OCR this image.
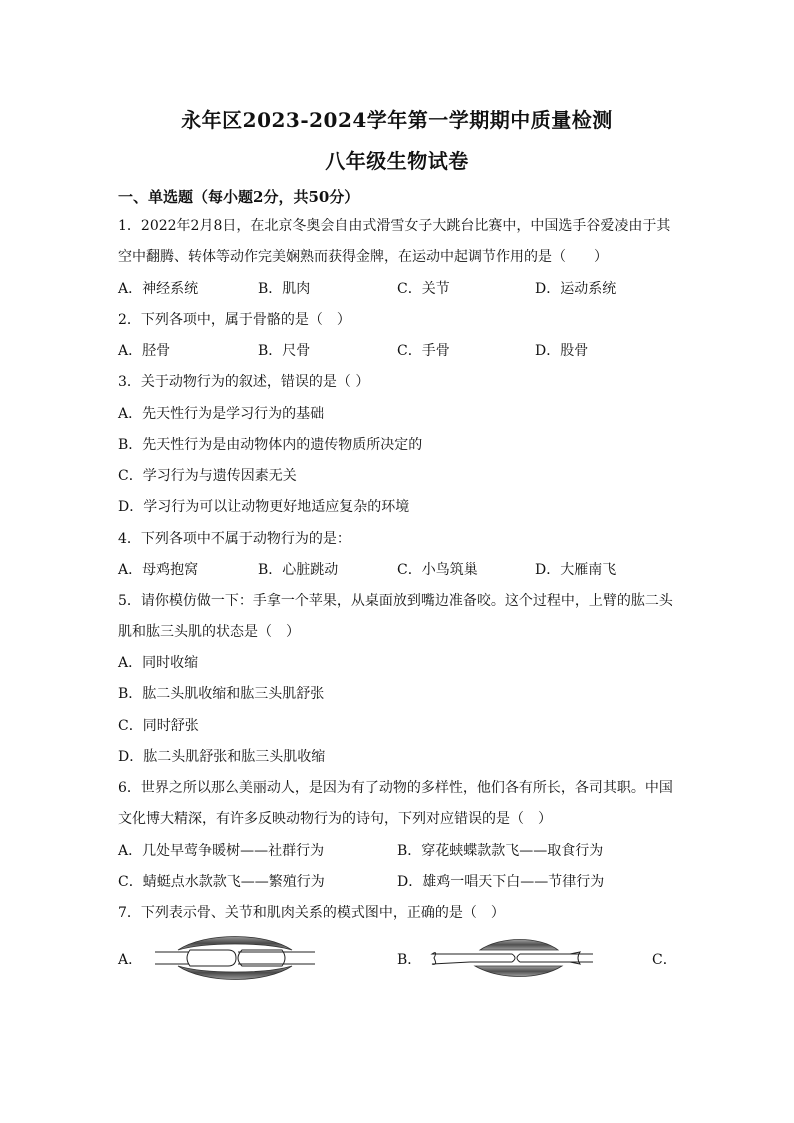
永年区2023-2024学年第一学期期中质量检测
八年级生物试卷
一、单选题（每小题2分，共50分）
1．2022年2月8日，在北京冬奥会自由式滑雪女子大跳台比赛中，中国选手谷爱凌由于其
空中翻腾、转体等动作完美娴熟而获得金牌，在运动中起调节作用的是（　　）
A．神经系统	B．肌肉	C．关节	D．运动系统
2．下列各项中，属于骨骼的是（　）
A．胫骨	B．尺骨	C．手骨	D．股骨
3．关于动物行为的叙述，错误的是（ ）
A．先天性行为是学习行为的基础
B．先天性行为是由动物体内的遗传物质所决定的
C．学习行为与遗传因素无关
D．学习行为可以让动物更好地适应复杂的环境
4．下列各项中不属于动物行为的是：
A．母鸡抱窝	B．心脏跳动	C．小鸟筑巢	D．大雁南飞
5．请你模仿做一下：手拿一个苹果，从桌面放到嘴边准备咬。这个过程中，上臂的肱二头
肌和肱三头肌的状态是（　）
A．同时收缩
B．肱二头肌收缩和肱三头肌舒张
C．同时舒张
D．肱二头肌舒张和肱三头肌收缩
6．世界之所以那么美丽动人，是因为有了动物的多样性，他们各有所长，各司其职。中国
文化博大精深，有许多反映动物行为的诗句，下列对应错误的是（　）
A．几处早莺争暖树——社群行为	B．穿花蛱蝶款款飞——取食行为
C．蜻蜓点水款款飞——繁殖行为	D．雄鸡一唱天下白——节律行为
7．下列表示骨、关节和肌肉关系的模式图中，正确的是（　）
A．	B．	C．
